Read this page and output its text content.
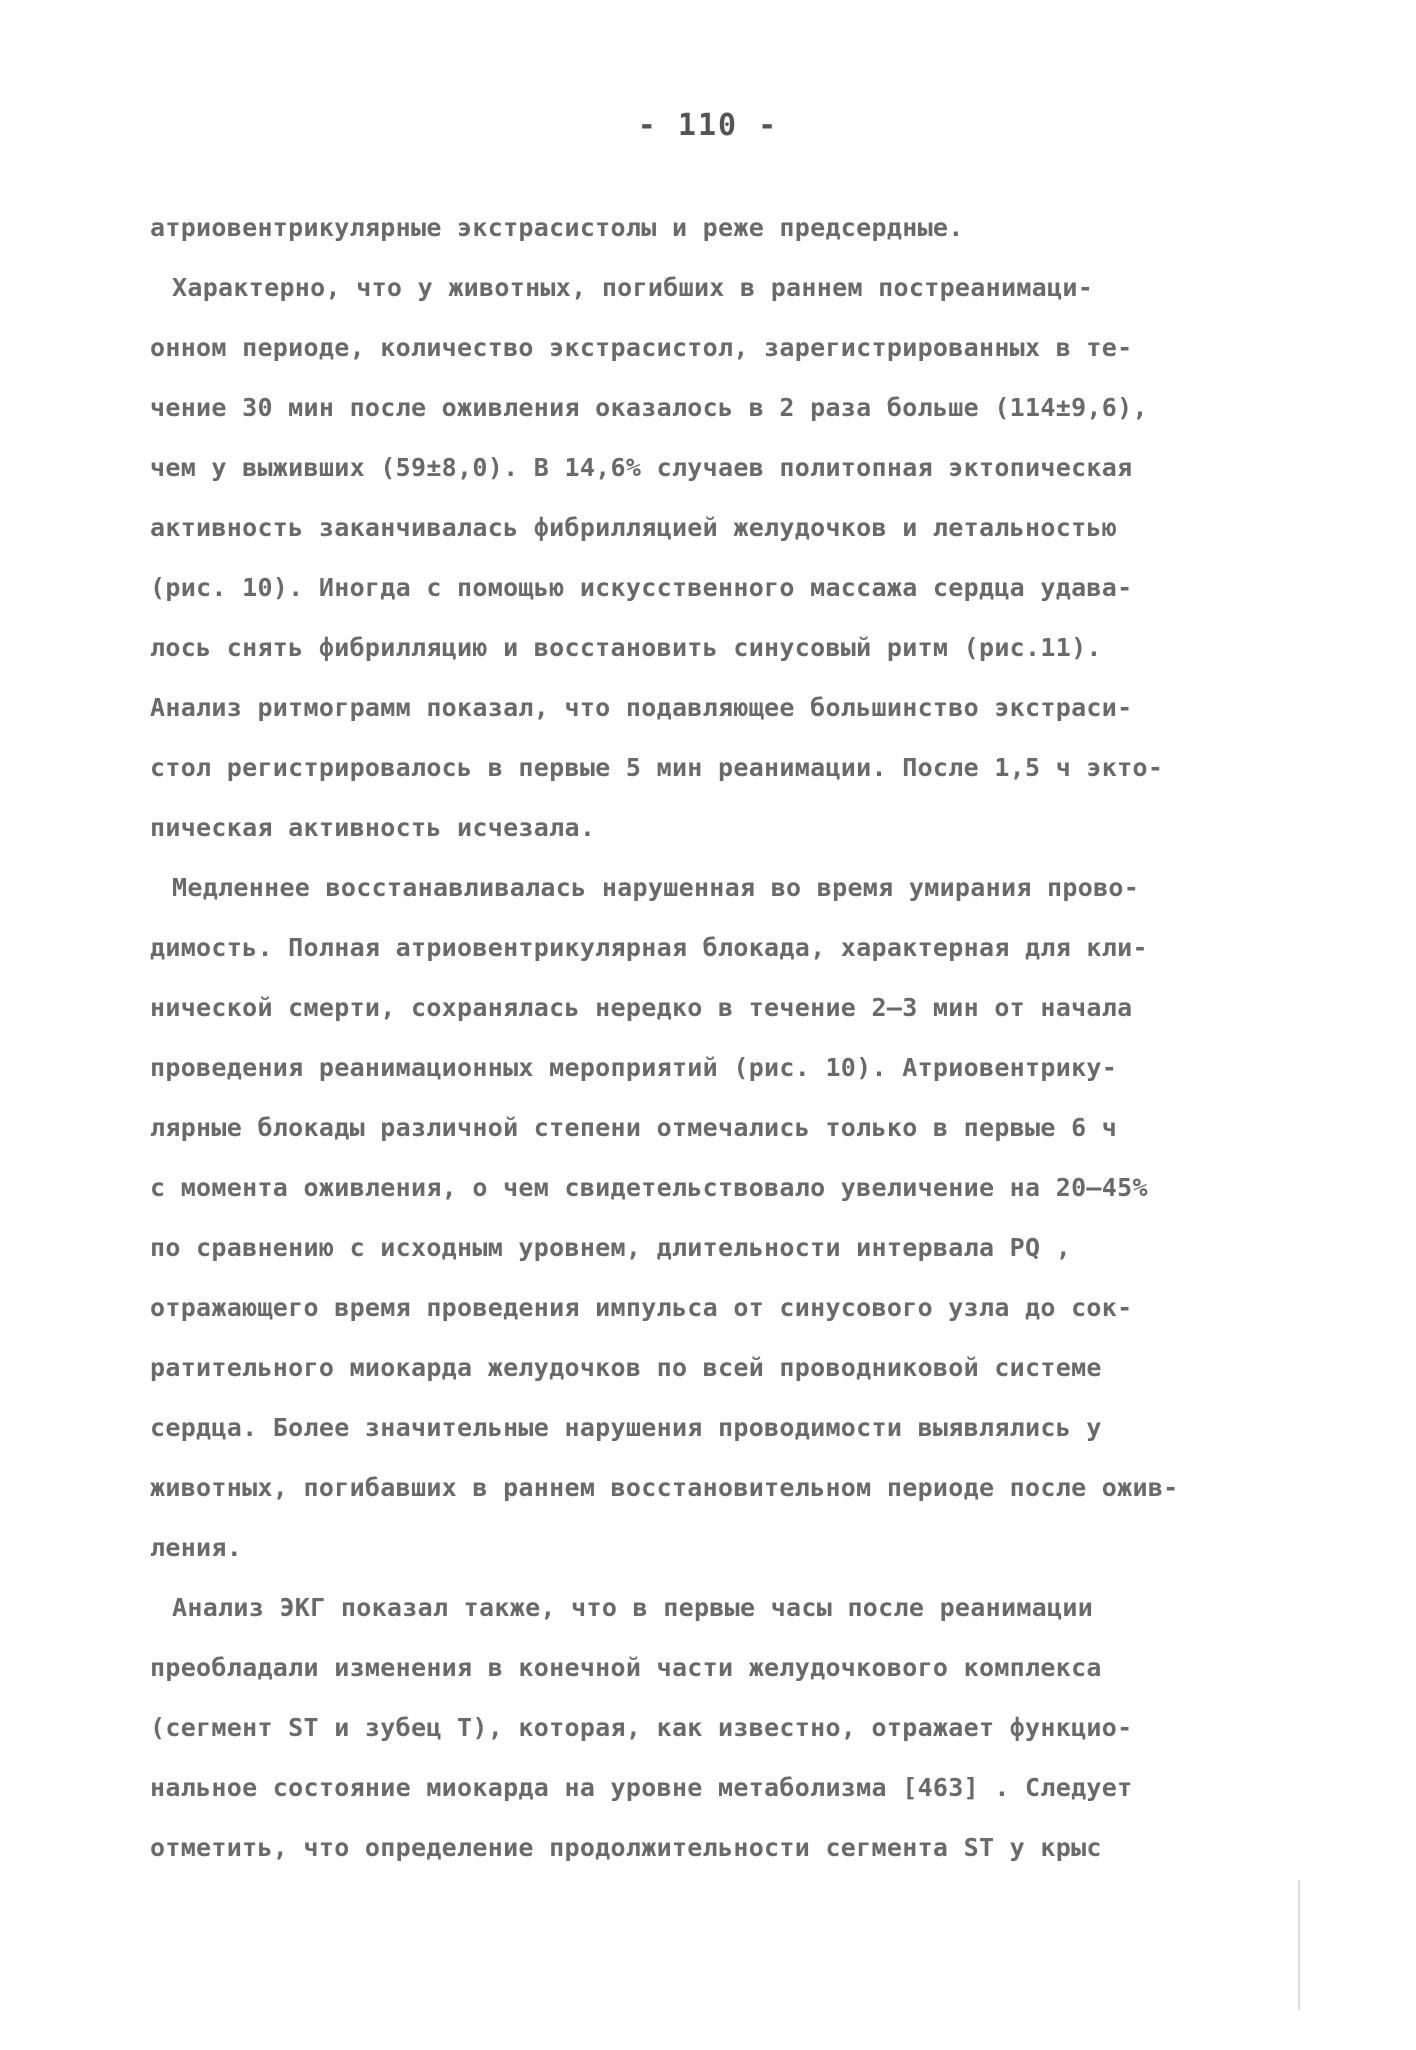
- 110 -
атриовентрикулярные экстрасистолы и реже предсердные.
Характерно, что у животных, погибших в раннем постреанимаци-
онном периоде, количество экстрасистол, зарегистрированных в те-
чение 30 мин после оживления оказалось в 2 раза больше (114±9,6),
чем у выживших (59±8,0). В 14,6% случаев политопная эктопическая
активность заканчивалась фибрилляцией желудочков и летальностью
(рис. 10). Иногда с помощью искусственного массажа сердца удава-
лось снять фибрилляцию и восстановить синусовый ритм (рис.11).
Анализ ритмограмм показал, что подавляющее большинство экстраси-
стол регистрировалось в первые 5 мин реанимации. После 1,5 ч экто-
пическая активность исчезала.
Медленнее восстанавливалась нарушенная во время умирания прово-
димость. Полная атриовентрикулярная блокада, характерная для кли-
нической смерти, сохранялась нередко в течение 2–3 мин от начала
проведения реанимационных мероприятий (рис. 10). Атриовентрику-
лярные блокады различной степени отмечались только в первые 6 ч
с момента оживления, о чем свидетельствовало увеличение на 20–45%
по сравнению с исходным уровнем, длительности интервала PQ ,
отражающего время проведения импульса от синусового узла до сок-
ратительного миокарда желудочков по всей проводниковой системе
сердца. Более значительные нарушения проводимости выявлялись у
животных, погибавших в раннем восстановительном периоде после ожив-
ления.
Анализ ЭКГ показал также, что в первые часы после реанимации
преобладали изменения в конечной части желудочкового комплекса
(сегмент ST и зубец Т), которая, как известно, отражает функцио-
нальное состояние миокарда на уровне метаболизма [463] . Следует
отметить, что определение продолжительности сегмента ST у крыс
